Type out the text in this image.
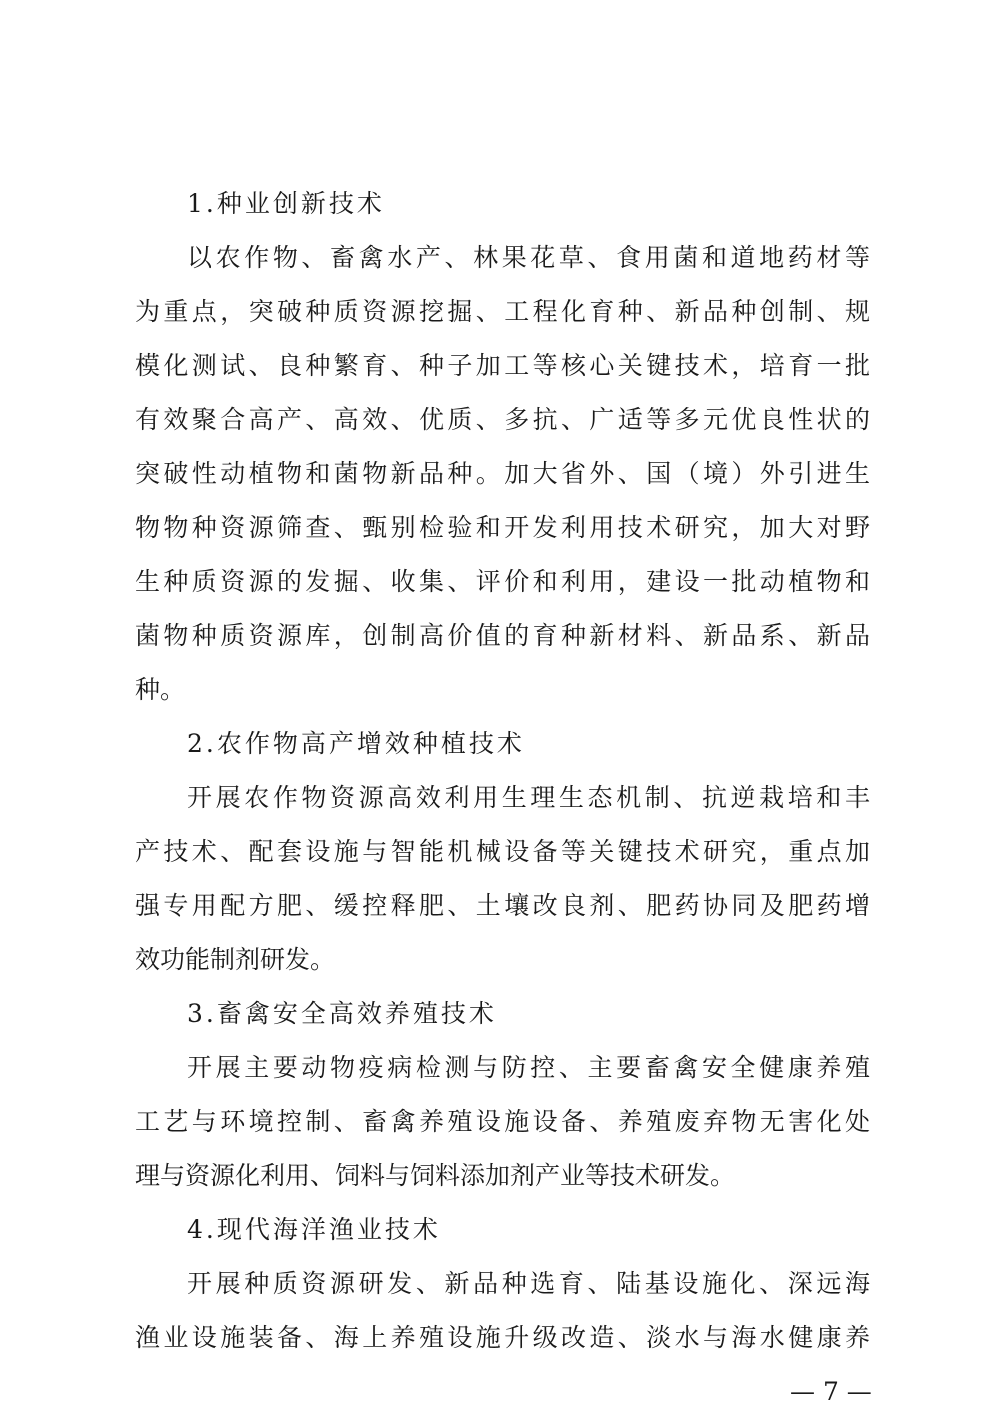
1.种业创新技术
以农作物、畜禽水产、林果花草、食用菌和道地药材等
为重点，突破种质资源挖掘、工程化育种、新品种创制、规
模化测试、良种繁育、种子加工等核心关键技术，培育一批
有效聚合高产、高效、优质、多抗、广适等多元优良性状的
突破性动植物和菌物新品种。加大省外、国（境）外引进生
物物种资源筛查、甄别检验和开发利用技术研究，加大对野
生种质资源的发掘、收集、评价和利用，建设一批动植物和
菌物种质资源库，创制高价值的育种新材料、新品系、新品
种。
2.农作物高产增效种植技术
开展农作物资源高效利用生理生态机制、抗逆栽培和丰
产技术、配套设施与智能机械设备等关键技术研究，重点加
强专用配方肥、缓控释肥、土壤改良剂、肥药协同及肥药增
效功能制剂研发。
3.畜禽安全高效养殖技术
开展主要动物疫病检测与防控、主要畜禽安全健康养殖
工艺与环境控制、畜禽养殖设施设备、养殖废弃物无害化处
理与资源化利用、饲料与饲料添加剂产业等技术研发。
4.现代海洋渔业技术
开展种质资源研发、新品种选育、陆基设施化、深远海
渔业设施装备、海上养殖设施升级改造、淡水与海水健康养
— 7 —
